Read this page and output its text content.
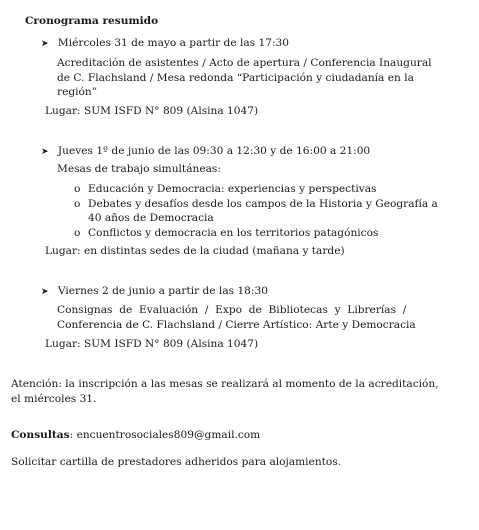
Cronograma resumido
➤ Miércoles 31 de mayo a partir de las 17:30
Acreditación de asistentes / Acto de apertura / Conferencia Inaugural
de C. Flachsland / Mesa redonda “Participación y ciudadanía en la
región”
Lugar: SUM ISFD N° 809 (Alsina 1047)
➤ Jueves 1º de junio de las 09:30 a 12:30 y de 16:00 a 21:00
Mesas de trabajo simultáneas:
o Educación y Democracia: experiencias y perspectivas
o Debates y desafíos desde los campos de la Historia y Geografía a
40 años de Democracia
o Conflictos y democracia en los territorios patagónicos
Lugar: en distintas sedes de la ciudad (mañana y tarde)
➤ Viernes 2 de junio a partir de las 18:30
Consignas  de  Evaluación  /  Expo  de  Bibliotecas  y  Librerías  /
Conferencia de C. Flachsland / Cierre Artístico: Arte y Democracia
Lugar: SUM ISFD N° 809 (Alsina 1047)
Atención: la inscripción a las mesas se realizará al momento de la acreditación,
el miércoles 31.
Consultas: encuentrosociales809@gmail.com
Solicitar cartilla de prestadores adheridos para alojamientos.
